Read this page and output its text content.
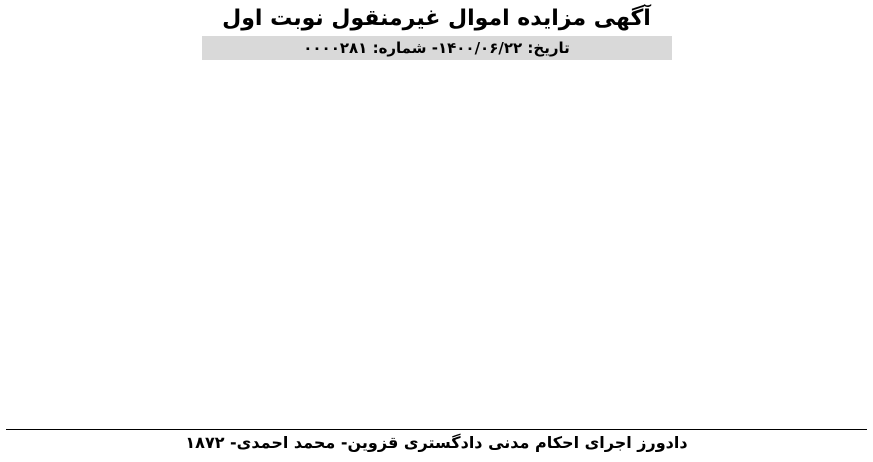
آگهی مزایده اموال غیرمنقول نوبت اول
تاریخ: ۱۴۰۰/۰۶/۲۲- شماره: ۰۰۰۰۲۸۱

دادورز اجرای احکام مدنی دادگستری قزوین- محمد احمدی- ۱۸۷۲
